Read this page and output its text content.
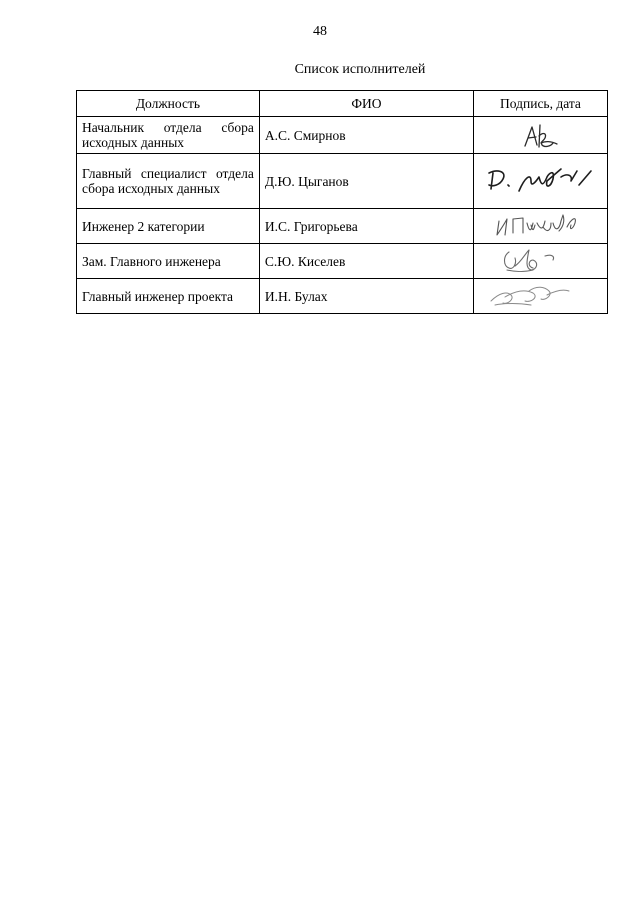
48
Список исполнителей
Должность	ФИО	Подпись, дата
Начальник отдела сбора исходных данных	А.С. Смирнов	

Главный специалист отдела сбора исходных данных	Д.Ю. Цыганов	

Инженер 2 категории	И.С. Григорьева	

Зам. Главного инженера	С.Ю. Киселев	

Главный инженер проекта	И.Н. Булах	
